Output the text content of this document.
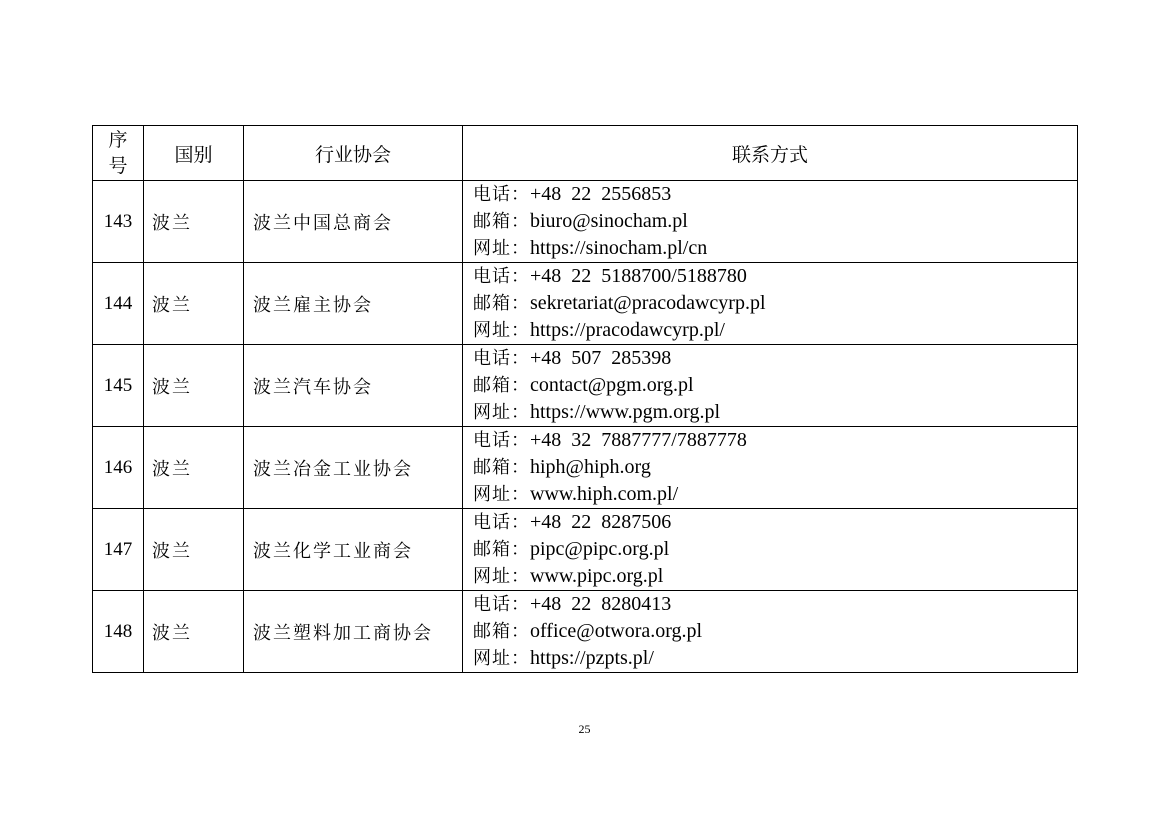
序
号	国别	行业协会	联系方式
143	波兰	波兰中国总商会	电话：+48  22  2556853
邮箱：biuro@sinocham.pl
网址：https://sinocham.pl/cn

144	波兰	波兰雇主协会	电话：+48  22  5188700/5188780
邮箱：sekretariat@pracodawcyrp.pl
网址：https://pracodawcyrp.pl/

145	波兰	波兰汽车协会	电话：+48  507  285398
邮箱：contact@pgm.org.pl
网址：https://www.pgm.org.pl

146	波兰	波兰冶金工业协会	电话：+48  32  7887777/7887778
邮箱：hiph@hiph.org
网址：www.hiph.com.pl/

147	波兰	波兰化学工业商会	电话：+48  22  8287506
邮箱：pipc@pipc.org.pl
网址：www.pipc.org.pl

148	波兰	波兰塑料加工商协会	电话：+48  22  8280413
邮箱：office@otwora.org.pl
网址：https://pzpts.pl/
25
